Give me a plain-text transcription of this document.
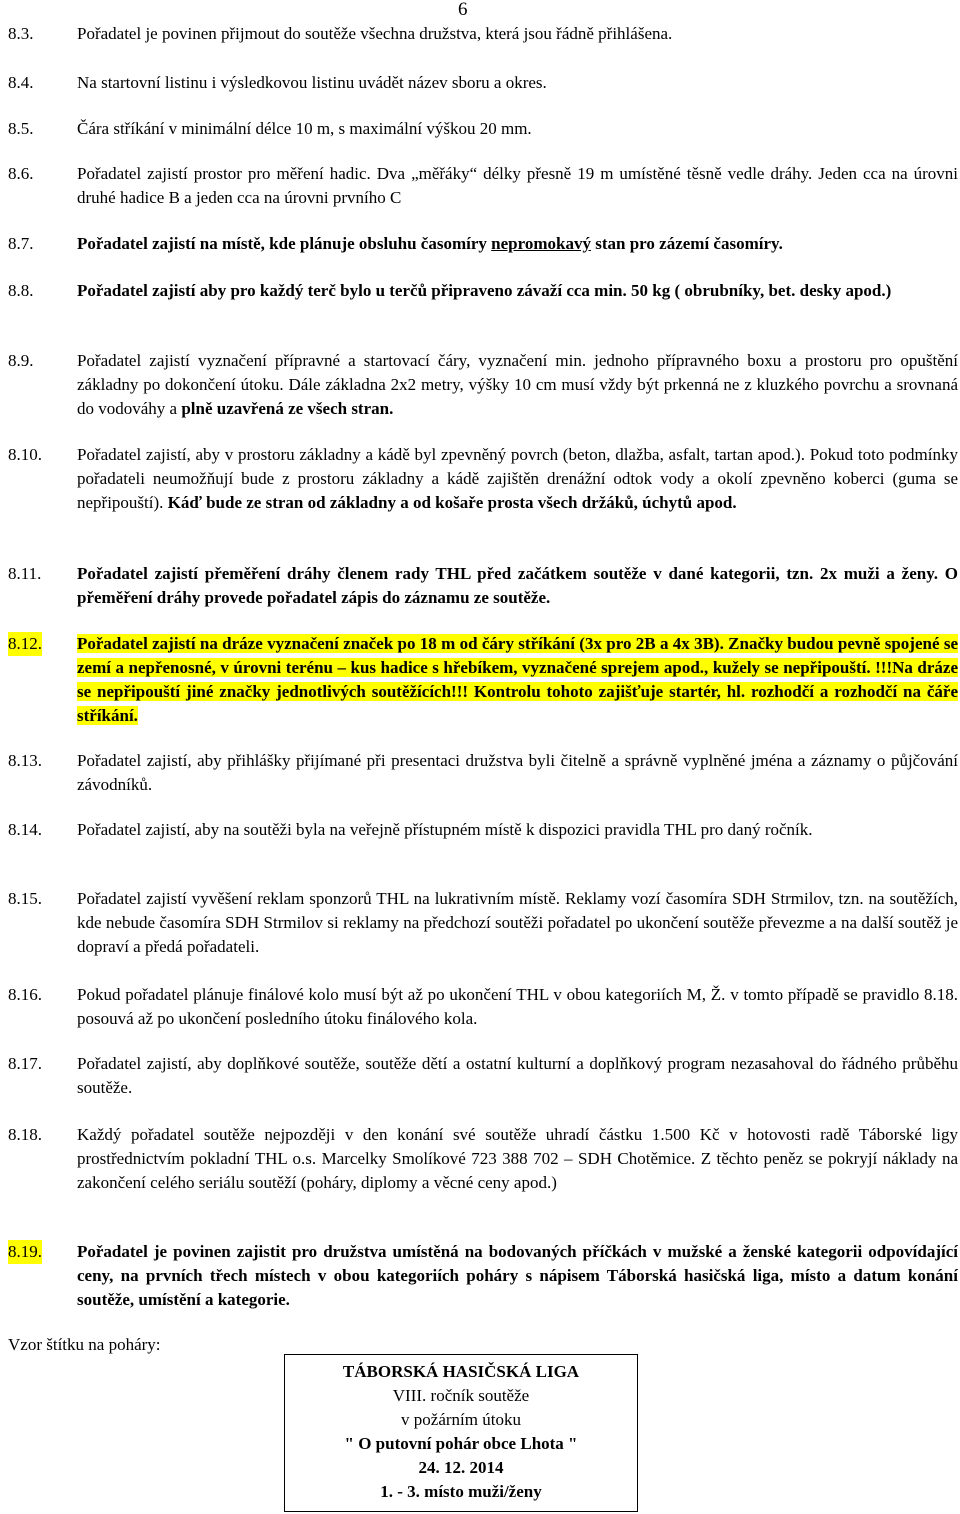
6
8.3.	Pořadatel je povinen přijmout do soutěže všechna družstva, která jsou řádně přihlášena.
8.4.	Na startovní listinu i výsledkovou listinu uvádět název sboru a okres.
8.5.	Čára stříkání v minimální délce 10 m, s maximální výškou 20 mm.
8.6.	Pořadatel zajistí prostor pro měření hadic. Dva „měřáky“ délky přesně 19 m umístěné těsně vedle dráhy. Jeden cca na úrovni druhé hadice B a jeden cca na úrovni prvního C
8.7.	Pořadatel zajistí na místě, kde plánuje obsluhu časomíry nepromokavý stan pro zázemí časomíry.
8.8.	Pořadatel zajistí aby pro každý terč bylo u terčů připraveno závaží cca min. 50 kg ( obrubníky, bet. desky apod.)
8.9.	Pořadatel zajistí vyznačení přípravné a startovací čáry, vyznačení min. jednoho přípravného boxu a prostoru pro opuštění základny po dokončení útoku. Dále základna 2x2 metry, výšky 10 cm musí vždy být prkenná ne z kluzkého povrchu a srovnaná do vodováhy a plně uzavřená ze všech stran.
8.10. Pořadatel zajistí, aby v prostoru základny a kádě byl zpevněný povrch (beton, dlažba, asfalt, tartan apod.). Pokud toto podmínky pořadateli neumožňují bude z prostoru základny a kádě zajištěn drenážní odtok vody a okolí zpevněno koberci (guma se nepřipouští). Káď bude ze stran od základny a od košaře prosta všech držáků, úchytů apod.
8.11. Pořadatel zajistí přeměření dráhy členem rady THL před začátkem soutěže v dané kategorii, tzn. 2x muži a ženy. O přeměření dráhy provede pořadatel zápis do záznamu ze soutěže.
8.12. Pořadatel zajistí na dráze vyznačení značek po 18 m od čáry stříkání (3x pro 2B a 4x 3B). Značky budou pevně spojené se zemí a nepřenosné, v úrovni terénu – kus hadice s hřebíkem, vyznačené sprejem apod., kužely se nepřipouští. !!!Na dráze se nepřipouští jiné značky jednotlivých soutěžících!!! Kontrolu tohoto zajišťuje startér, hl. rozhodčí a rozhodčí na čáře stříkání.
8.13. Pořadatel zajistí, aby přihlášky přijímané při presentaci družstva byli čitelně a správně vyplněné jména a záznamy o půjčování závodníků.
8.14. Pořadatel zajistí, aby na soutěži byla na veřejně přístupném místě k dispozici pravidla THL pro daný ročník.
8.15. Pořadatel zajistí vyvěšení reklam sponzorů THL na lukrativním místě. Reklamy vozí časomíra SDH Strmilov, tzn. na soutěžích, kde nebude časomíra SDH Strmilov si reklamy na předchozí soutěži pořadatel po ukončení soutěže převezme a na další soutěž je dopraví a předá pořadateli.
8.16. Pokud pořadatel plánuje finálové kolo musí být až po ukončení THL v obou kategoriích M, Ž. v tomto případě se pravidlo 8.18. posouvá až po ukončení posledního útoku finálového kola.
8.17. Pořadatel zajistí, aby doplňkové soutěže, soutěže dětí a ostatní kulturní a doplňkový program nezasahoval do řádného průběhu soutěže.
8.18. Každý pořadatel soutěže nejpozději v den konání své soutěže uhradí částku 1.500 Kč v hotovosti radě Táborské ligy prostřednictvím pokladní THL o.s. Marcelky Smolíkové 723 388 702 – SDH Chotěmice. Z těchto peněz se pokryjí náklady na zakončení celého seriálu soutěží (poháry, diplomy a věcné ceny apod.)
8.19. Pořadatel je povinen zajistit pro družstva umístěná na bodovaných příčkách v mužské a ženské kategorii odpovídající ceny, na prvních třech místech v obou kategoriích poháry s nápisem Táborská hasičská liga, místo a datum konání soutěže, umístění a kategorie.
Vzor štítku na poháry:
TÁBORSKÁ HASIČSKÁ LIGA
VIII. ročník soutěže
v požárním útoku
" O putovní pohár obce Lhota "
24. 12. 2014
1. - 3. místo muži/ženy
